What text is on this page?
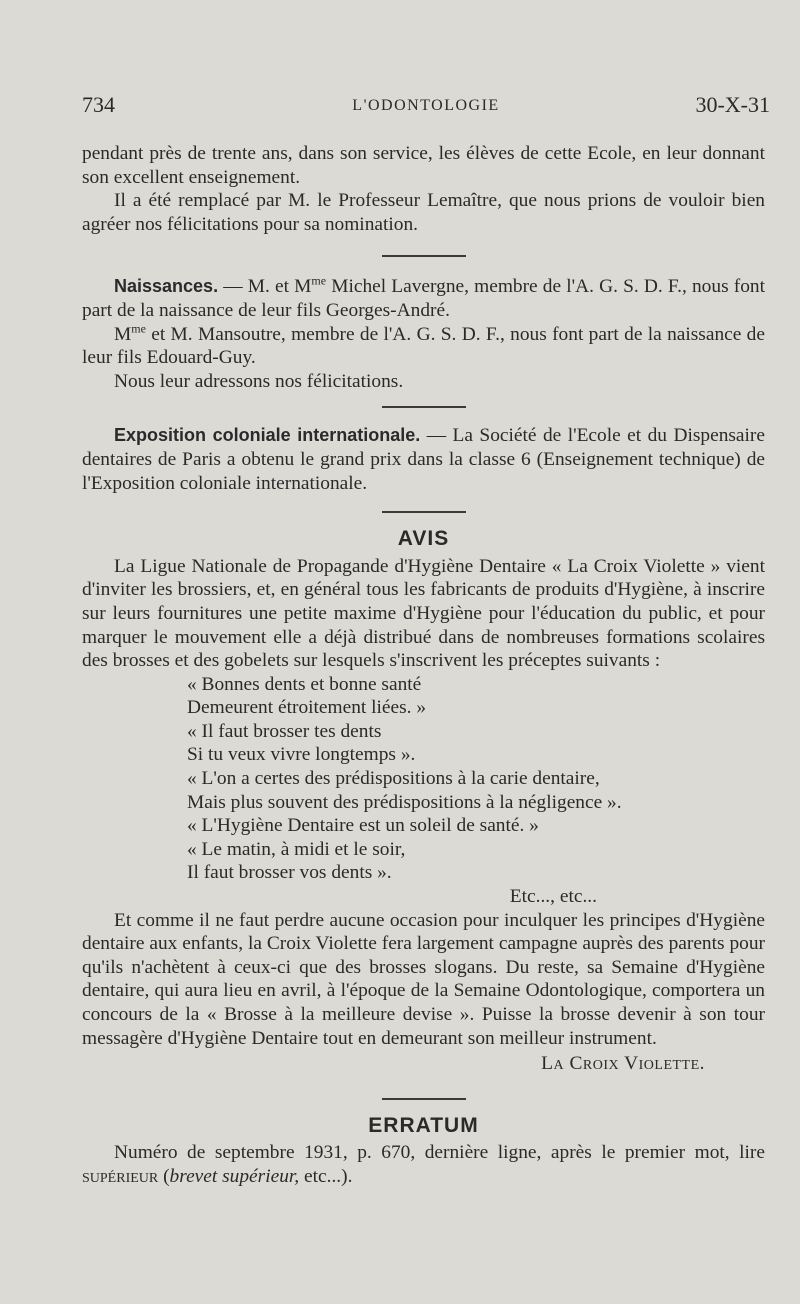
734	L'ODONTOLOGIE	30-X-31

pendant près de trente ans, dans son service, les élèves de cette Ecole, en leur donnant son excellent enseignement.

Il a été remplacé par M. le Professeur Lemaître, que nous prions de vouloir bien agréer nos félicitations pour sa nomination.

Naissances. — M. et $M^{me}$ Michel Lavergne, membre de l'A. G. S. D. F., nous font part de la naissance de leur fils Georges-André.

$M^{me}$ et M. Mansoutre, membre de l'A. G. S. D. F., nous font part de la naissance de leur fils Edouard-Guy.

Nous leur adressons nos félicitations.

Exposition coloniale internationale. — La Société de l'Ecole et du Dispensaire dentaires de Paris a obtenu le grand prix dans la classe 6 (Enseignement technique) de l'Exposition coloniale internationale.

AVIS

La Ligue Nationale de Propagande d'Hygiène Dentaire « La Croix Violette » vient d'inviter les brossiers, et, en général tous les fabricants de produits d'Hygiène, à inscrire sur leurs fournitures une petite maxime d'Hygiène pour l'éducation du public, et pour marquer le mouvement elle a déjà distribué dans de nombreuses formations scolaires des brosses et des gobelets sur lesquels s'inscrivent les préceptes suivants :

« Bonnes dents et bonne santé
Demeurent étroitement liées. »
« Il faut brosser tes dents
Si tu veux vivre longtemps ».
« L'on a certes des prédispositions à la carie dentaire,
Mais plus souvent des prédispositions à la négligence ».
« L'Hygiène Dentaire est un soleil de santé. »
« Le matin, à midi et le soir,
Il faut brosser vos dents ».
Etc..., etc...

Et comme il ne faut perdre aucune occasion pour inculquer les principes d'Hygiène dentaire aux enfants, la Croix Violette fera largement campagne auprès des parents pour qu'ils n'achètent à ceux-ci que des brosses slogans. Du reste, sa Semaine d'Hygiène dentaire, qui aura lieu en avril, à l'époque de la Semaine Odontologique, comportera un concours de la « Brosse à la meilleure devise ». Puisse la brosse devenir à son tour messagère d'Hygiène Dentaire tout en demeurant son meilleur instrument.

La Croix Violette.
ERRATUM

Numéro de septembre 1931, p. 670, dernière ligne, après le premier mot, lire supérieur (brevet supérieur, etc...).
